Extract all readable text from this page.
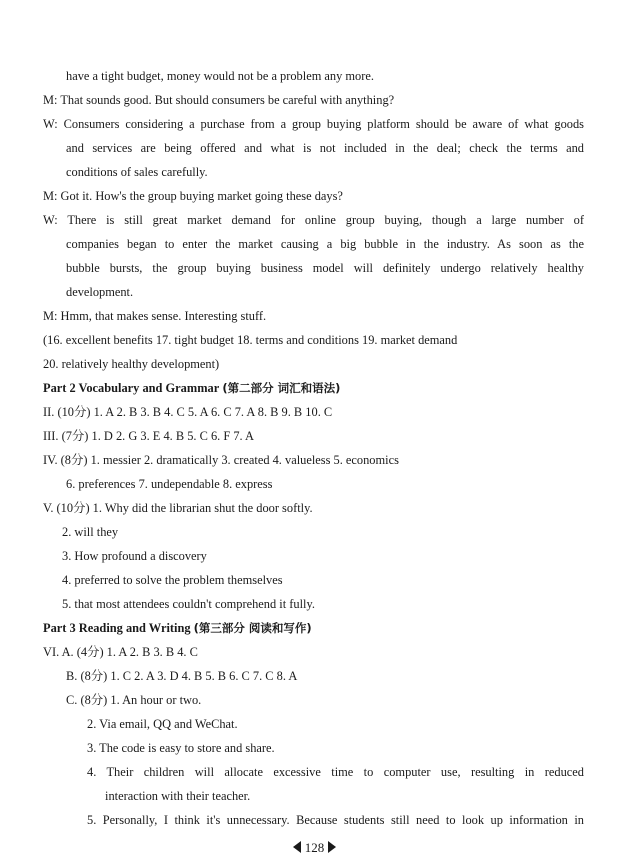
have a tight budget, money would not be a problem any more.
M: That sounds good. But should consumers be careful with anything?
W: Consumers considering a purchase from a group buying platform should be aware of what goods
and services are being offered and what is not included in the deal; check the terms and
conditions of sales carefully.
M: Got it. How's the group buying market going these days?
W: There is still great market demand for online group buying, though a large number of
companies began to enter the market causing a big bubble in the industry. As soon as the
bubble bursts, the group buying business model will definitely undergo relatively healthy
development.
M: Hmm, that makes sense. Interesting stuff.
(16. excellent benefits 17. tight budget 18. terms and conditions 19. market demand
20. relatively healthy development)
Part 2 Vocabulary and Grammar (第二部分 词汇和语法)
II. (10分) 1. A 2. B 3. B 4. C 5. A 6. C 7. A 8. B 9. B 10. C
III. (7分) 1. D 2. G 3. E 4. B 5. C 6. F 7. A
IV. (8分) 1. messier 2. dramatically 3. created 4. valueless 5. economics
6. preferences 7. undependable 8. express
V. (10分) 1. Why did the librarian shut the door softly.
2. will they
3. How profound a discovery
4. preferred to solve the problem themselves
5. that most attendees couldn't comprehend it fully.
Part 3 Reading and Writing (第三部分 阅读和写作)
VI. A. (4分) 1. A 2. B 3. B 4. C
B. (8分) 1. C 2. A 3. D 4. B 5. B 6. C 7. C 8. A
C. (8分) 1. An hour or two.
2. Via email, QQ and WeChat.
3. The code is easy to store and share.
4. Their children will allocate excessive time to computer use, resulting in reduced
interaction with their teacher.
5. Personally, I think it's unnecessary. Because students still need to look up information in
128
